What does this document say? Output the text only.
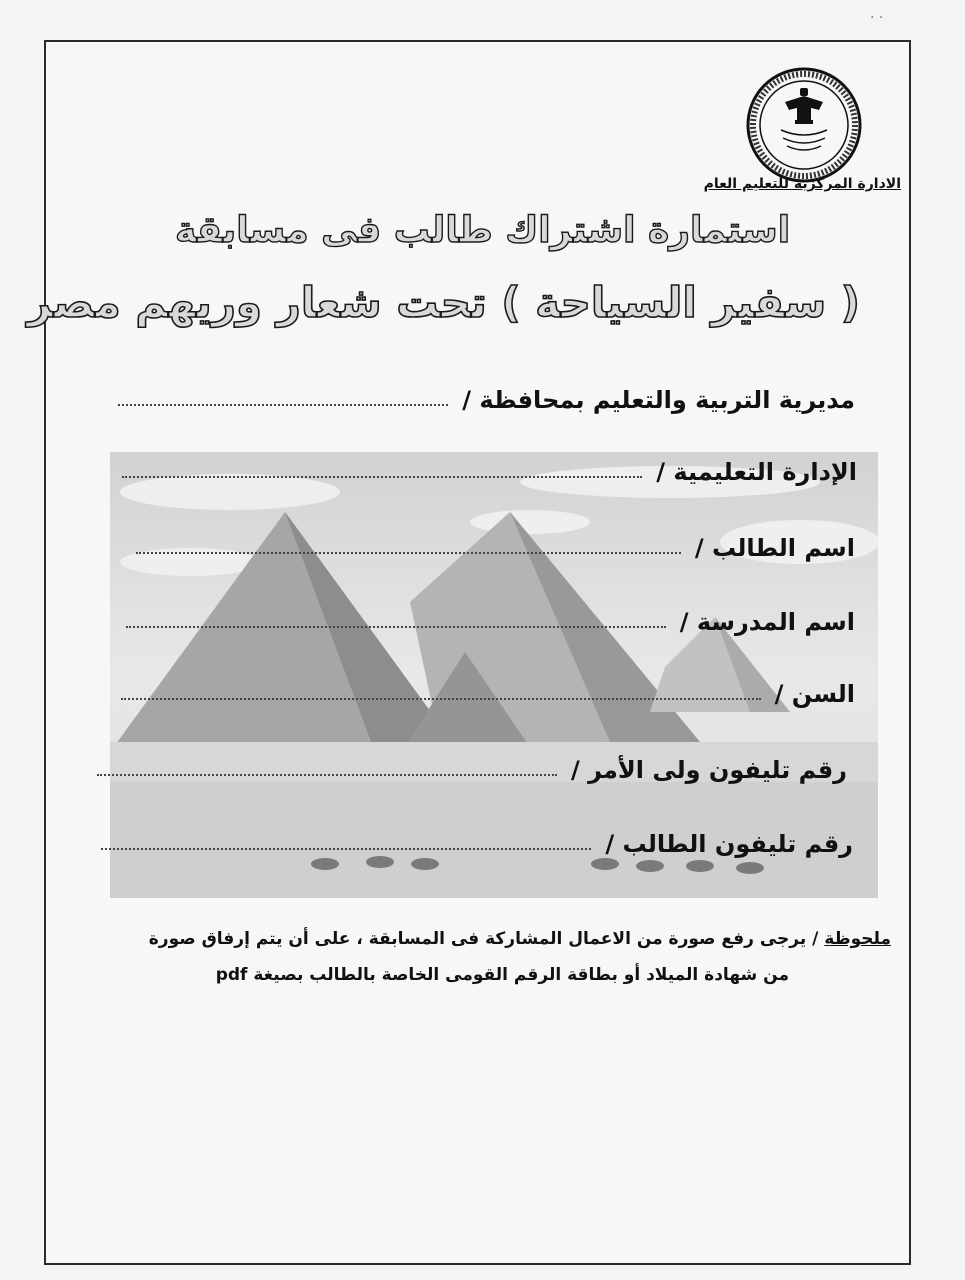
· ·
الادارة المركزية للتعليم العام
استمارة اشتراك طالب فى مسابقة
( سفير السياحة ) تحت شعار وريهم مصر
مديرية التربية والتعليم بمحافظة /
الإدارة التعليمية /
اسم الطالب /
اسم المدرسة /
السن /
رقم تليفون ولى الأمر /
رقم تليفون الطالب /
ملحوظة / يرجى رفع صورة من الاعمال المشاركة فى المسابقة ، على أن يتم إرفاق صورة
من شهادة الميلاد أو بطاقة الرقم القومى الخاصة بالطالب بصيغة pdf
